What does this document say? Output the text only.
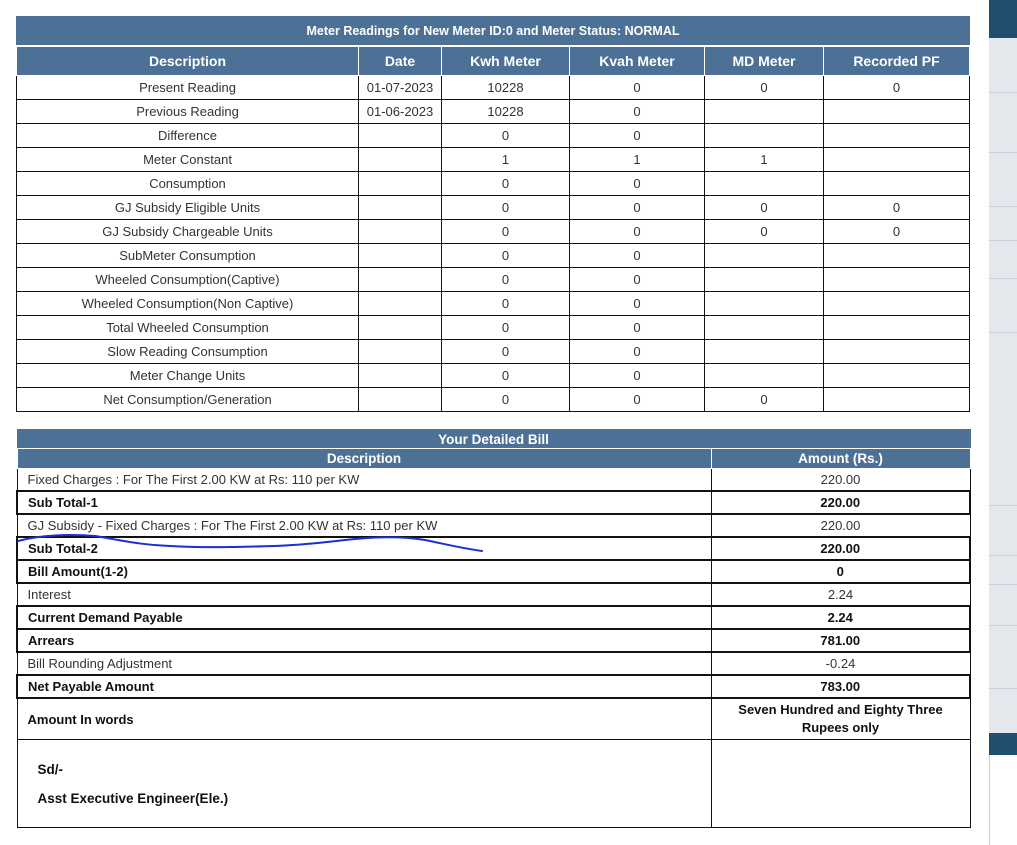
Meter Readings for New Meter ID:0 and Meter Status: NORMAL					
Description	Date	Kwh Meter	Kvah Meter	MD Meter	Recorded PF
Present Reading	01-07-2023	10228	0	0	0
Previous Reading	01-06-2023	10228	0		
Difference		0	0		
Meter Constant		1	1	1	
Consumption		0	0		
GJ Subsidy Eligible Units		0	0	0	0
GJ Subsidy Chargeable Units		0	0	0	0
SubMeter Consumption		0	0		
Wheeled Consumption(Captive)		0	0		
Wheeled Consumption(Non Captive)		0	0		
Total Wheeled Consumption		0	0		
Slow Reading Consumption		0	0		
Meter Change Units		0	0		
Net Consumption/Generation		0	0	0	
Your Detailed Bill	
Description	Amount (Rs.)
Fixed Charges : For The First 2.00 KW at Rs: 110 per KW	220.00
Sub Total-1	220.00
GJ Subsidy - Fixed Charges : For The First 2.00 KW at Rs: 110 per KW	220.00
Sub Total-2	220.00
Bill Amount(1-2)	0
Interest	2.24
Current Demand Payable	2.24
Arrears	781.00
Bill Rounding Adjustment	-0.24
Net Payable Amount	783.00
Amount In words	Seven Hundred and Eighty Three Rupees only

Sd/-
Asst Executive Engineer(Ele.)	
